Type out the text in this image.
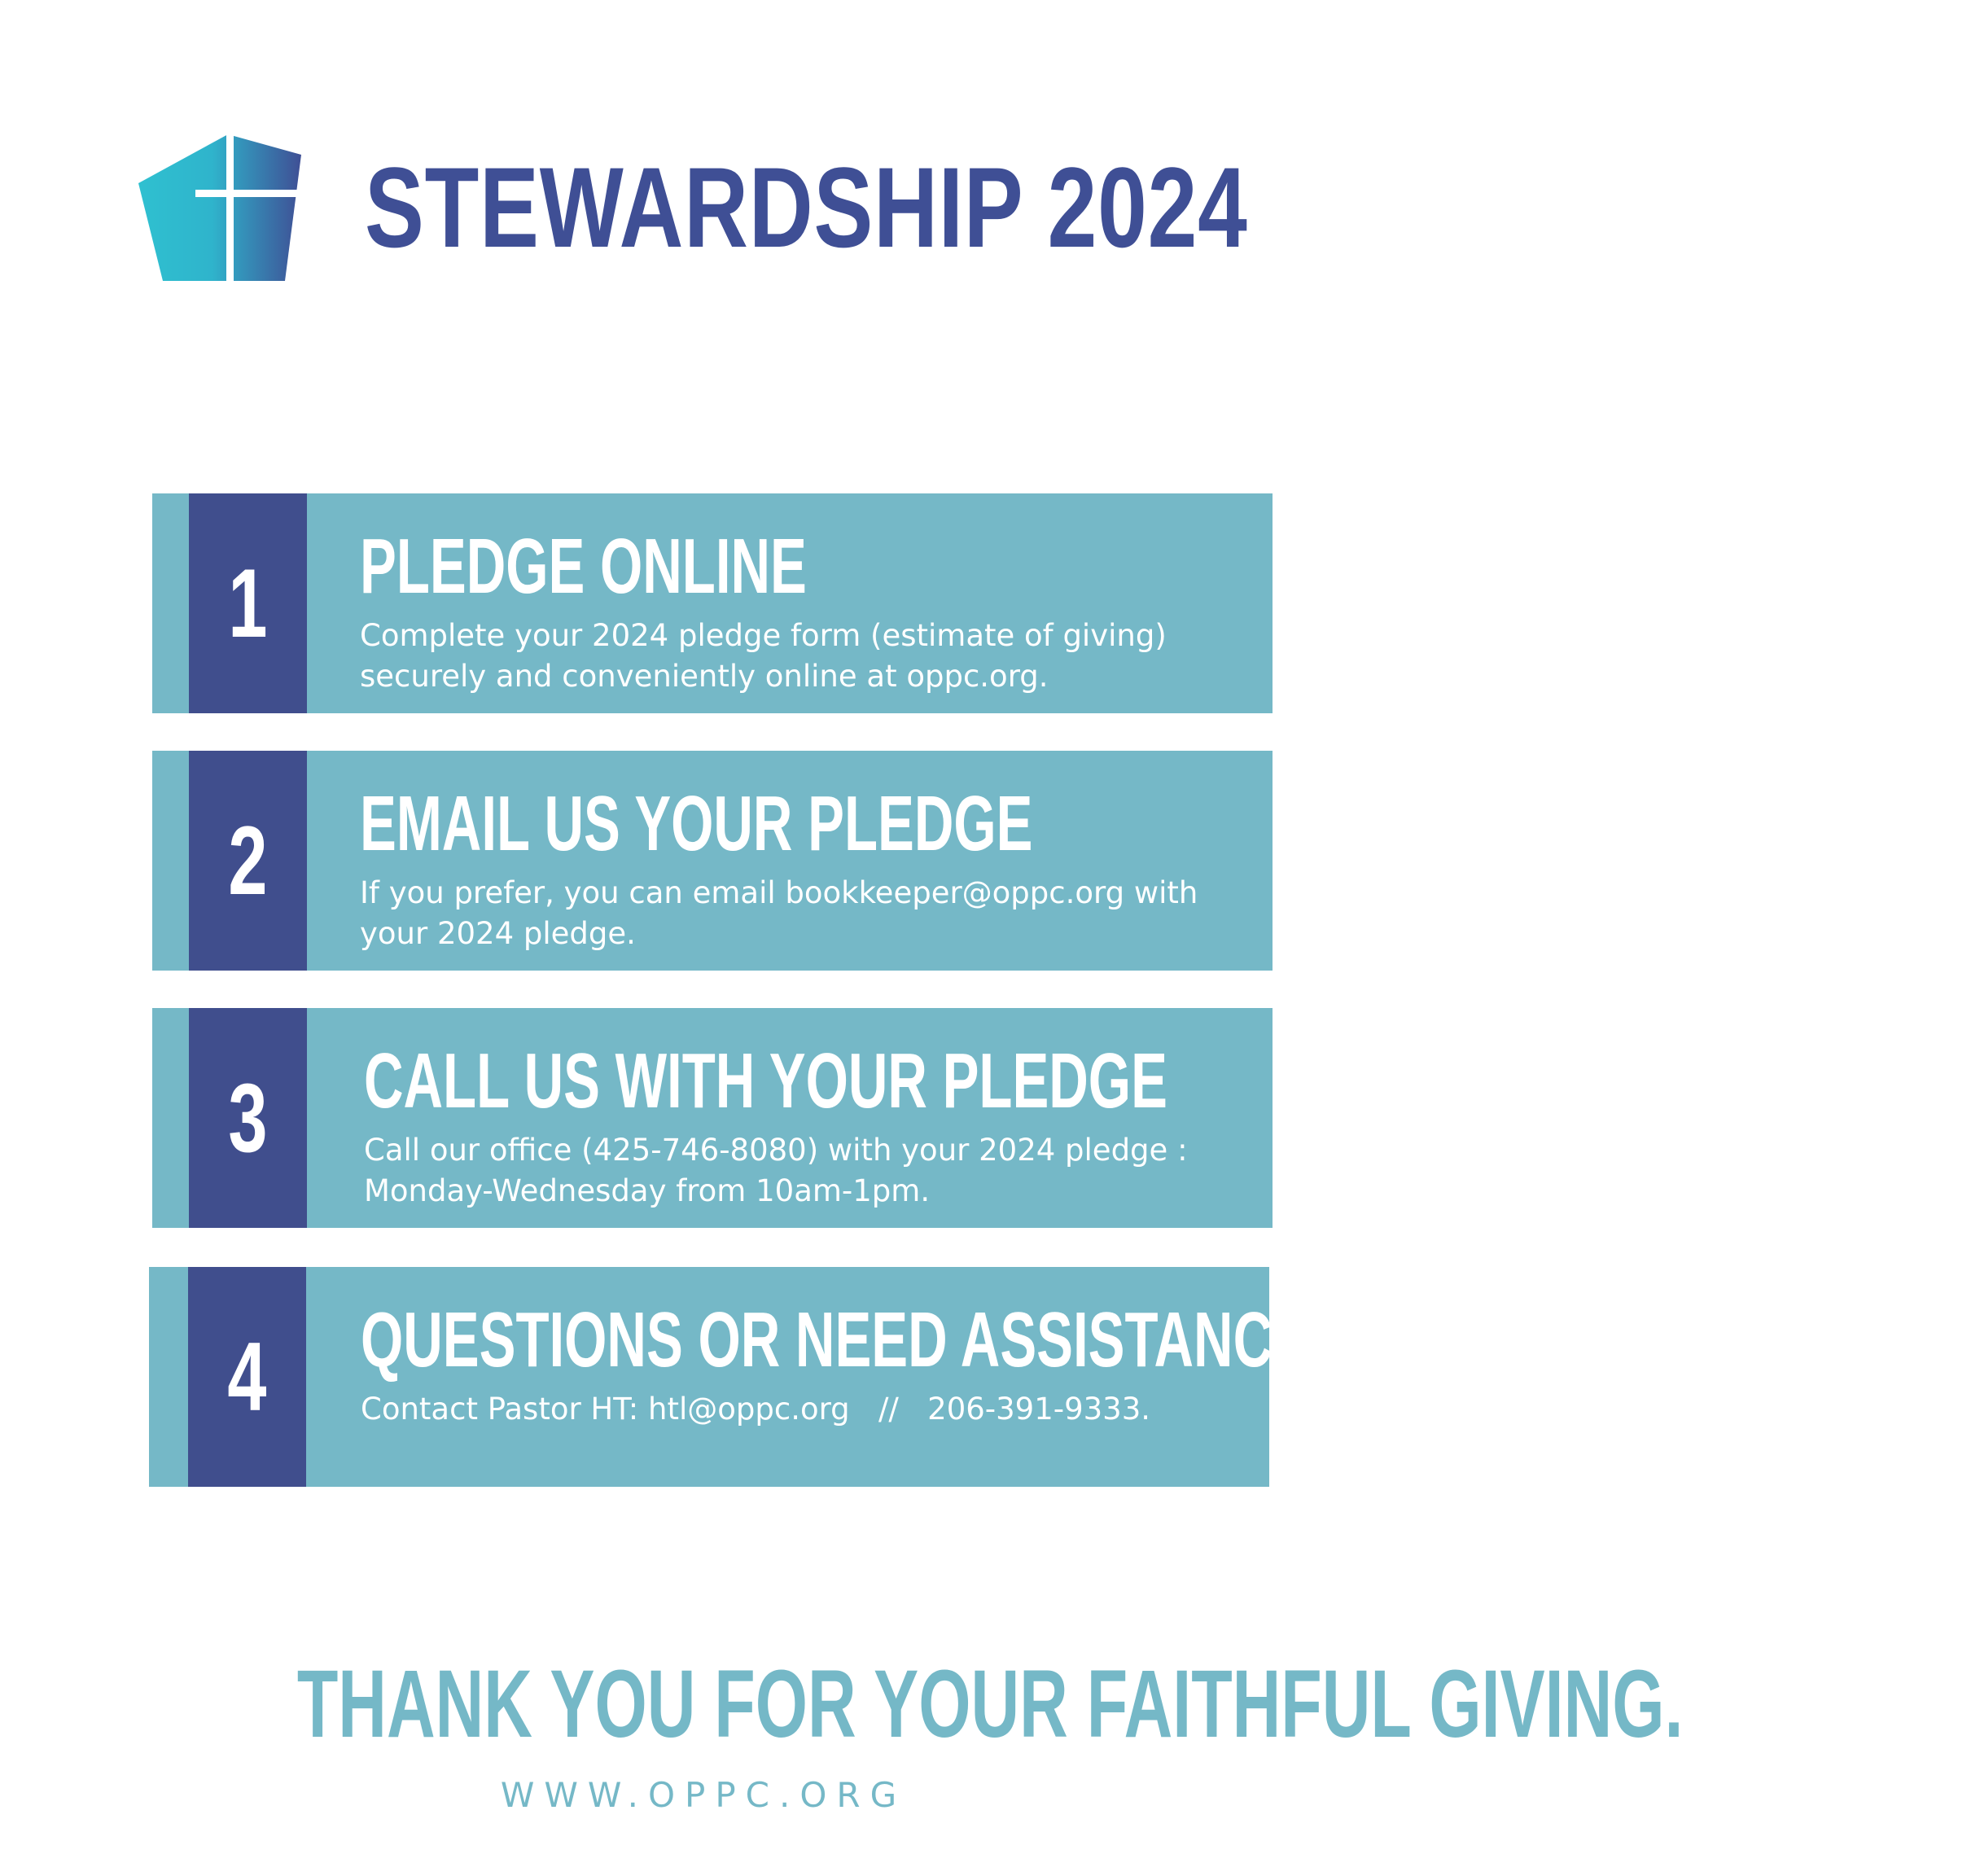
STEWARDSHIP 2024
1 PLEDGE ONLINE

Complete your 2024 pledge form (estimate of giving)
securely and conveniently online at oppc.org.

2 EMAIL US YOUR PLEDGE

If you prefer, you can email bookkeeper@oppc.org with
your 2024 pledge.

3 CALL US WITH YOUR PLEDGE

Call our office (425-746-8080) with your 2024 pledge :
Monday-Wednesday from 10am-1pm.

4 QUESTIONS OR NEED ASSISTANCE?

Contact Pastor HT: htl@oppc.org   //   206-391-9333.

THANK YOU FOR YOUR FAITHFUL GIVING.
WWW.OPPC.ORG
